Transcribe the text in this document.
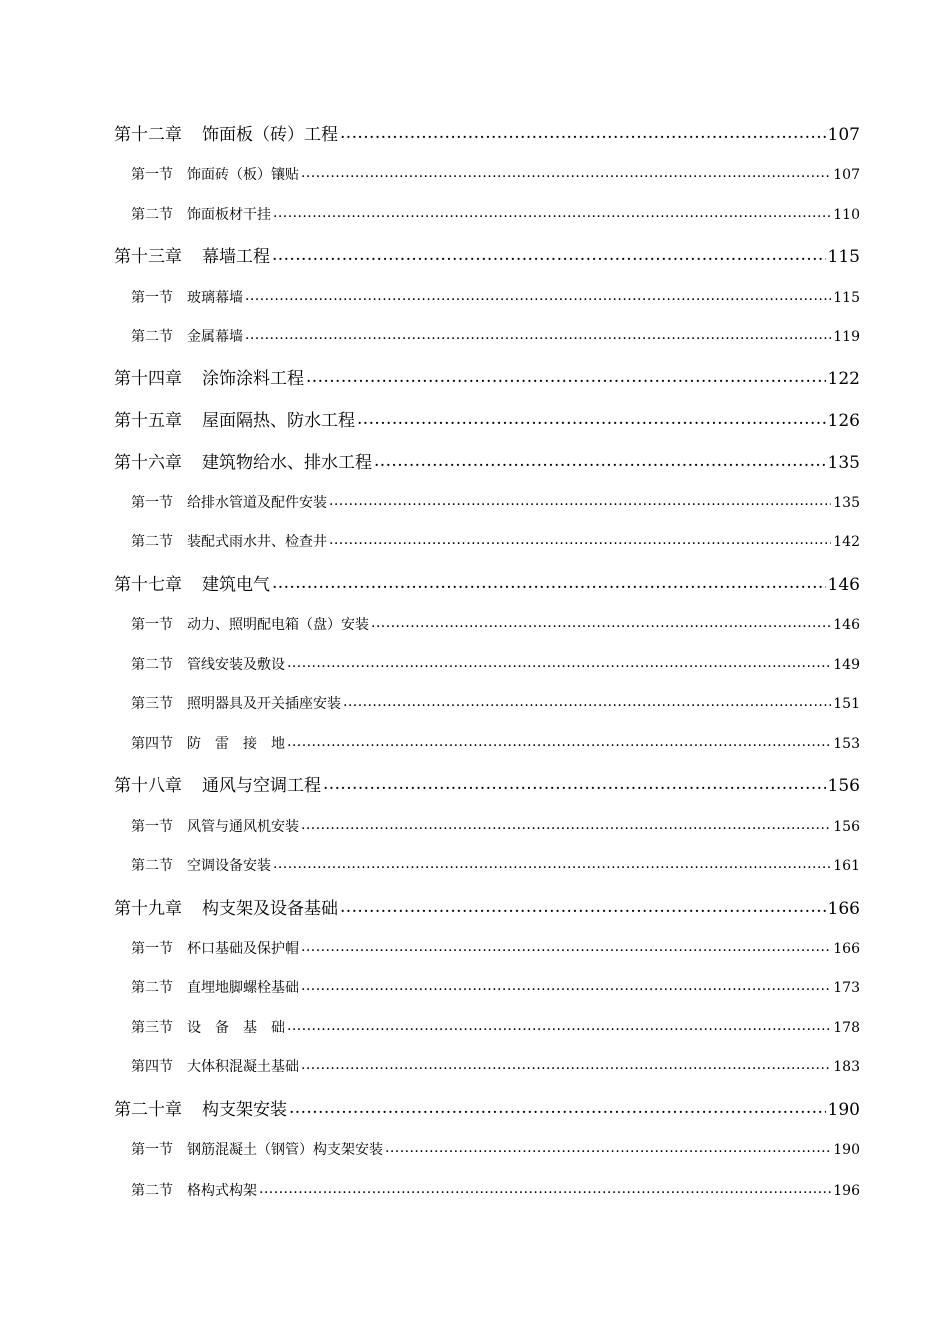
第十二章 饰面板（砖）工程 . . .	107
第一节 饰面砖（板）镶贴 . . .	107
第二节 饰面板材干挂 . . .	110
第十三章 幕墙工程 . . .	115
第一节 玻璃幕墙 . . .	115
第二节 金属幕墙 . . .	119
第十四章 涂饰涂料工程 . . .	122
第十五章 屋面隔热、防水工程 . . .	126
第十六章 建筑物给水、排水工程 . . .	135
第一节 给排水管道及配件安装 . . .	135
第二节 装配式雨水井、检查井 . . .	142
第十七章 建筑电气 . . .	146
第一节 动力、照明配电箱（盘）安装 . . .	146
第二节 管线安装及敷设 . . .	149
第三节 照明器具及开关插座安装 . . .	151
第四节 防　雷　接　地 . . .	153
第十八章 通风与空调工程 . . .	156
第一节 风管与通风机安装 . . .	156
第二节 空调设备安装 . . .	161
第十九章 构支架及设备基础 . . .	166
第一节 杯口基础及保护帽 . . .	166
第二节 直埋地脚螺栓基础 . . .	173
第三节 设　备　基　础 . . .	178
第四节 大体积混凝土基础 . . .	183
第二十章 构支架安装 . . .	190
第一节 钢筋混凝土（钢管）构支架安装 . . .	190
第二节 格构式构架 . . .	196
